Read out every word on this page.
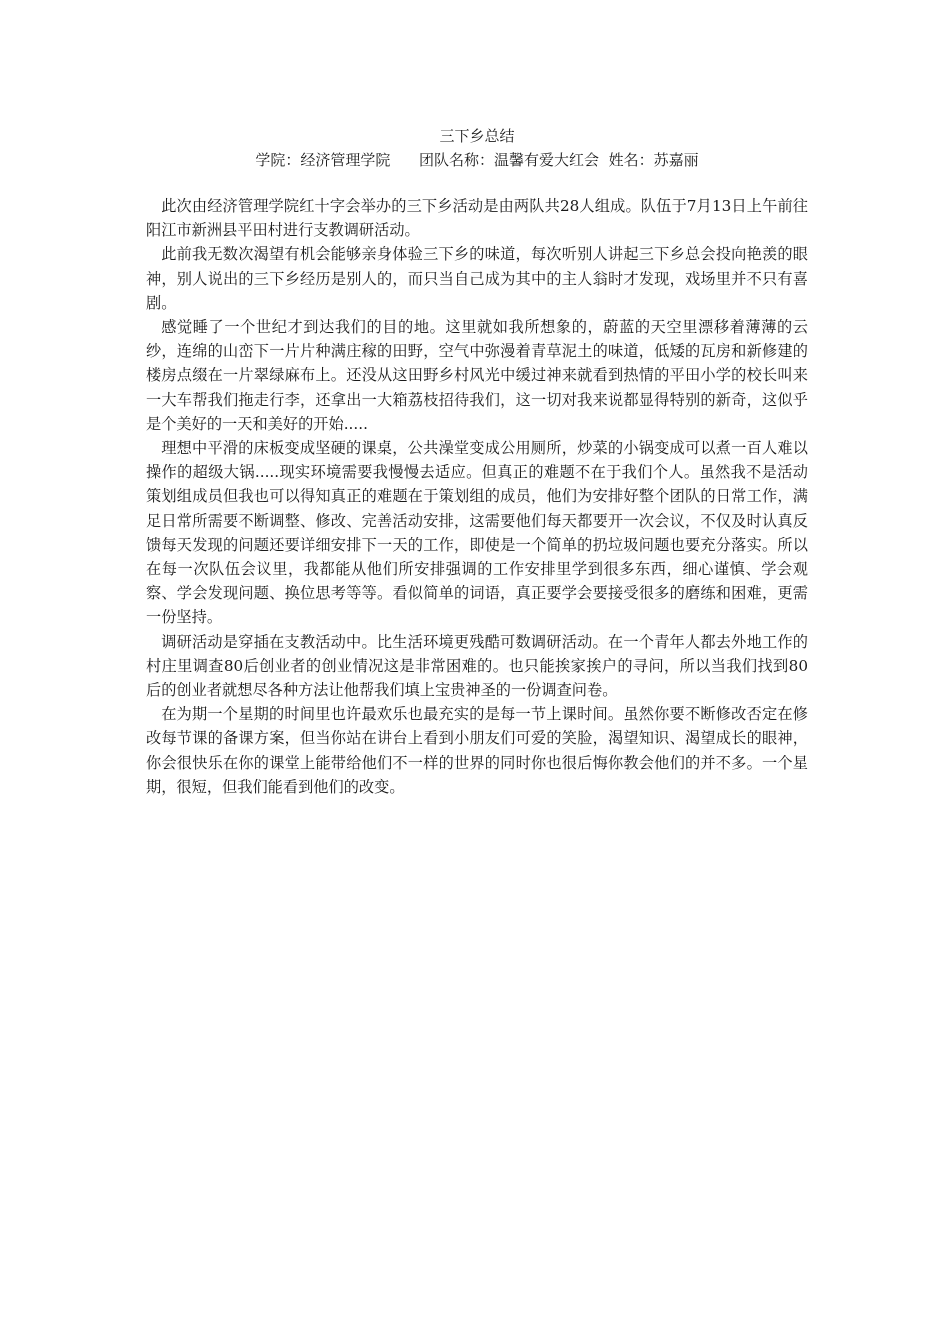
三下乡总结

学院：经济管理学院      团队名称：温馨有爱大红会  姓名：苏嘉丽

此次由经济管理学院红十字会举办的三下乡活动是由两队共28人组成。队伍于7月13日上午前往阳江市新洲县平田村进行支教调研活动。

此前我无数次渴望有机会能够亲身体验三下乡的味道，每次听别人讲起三下乡总会投向艳羡的眼神，别人说出的三下乡经历是别人的，而只当自己成为其中的主人翁时才发现，戏场里并不只有喜剧。

感觉睡了一个世纪才到达我们的目的地。这里就如我所想象的，蔚蓝的天空里漂移着薄薄的云纱，连绵的山峦下一片片种满庄稼的田野，空气中弥漫着青草泥土的味道，低矮的瓦房和新修建的楼房点缀在一片翠绿麻布上。还没从这田野乡村风光中缓过神来就看到热情的平田小学的校长叫来一大车帮我们拖走行李，还拿出一大箱荔枝招待我们，这一切对我来说都显得特别的新奇，这似乎是个美好的一天和美好的开始.....

理想中平滑的床板变成坚硬的课桌，公共澡堂变成公用厕所，炒菜的小锅变成可以煮一百人难以操作的超级大锅.....现实环境需要我慢慢去适应。但真正的难题不在于我们个人。虽然我不是活动策划组成员但我也可以得知真正的难题在于策划组的成员，他们为安排好整个团队的日常工作，满足日常所需要不断调整、修改、完善活动安排，这需要他们每天都要开一次会议，不仅及时认真反馈每天发现的问题还要详细安排下一天的工作，即使是一个简单的扔垃圾问题也要充分落实。所以在每一次队伍会议里，我都能从他们所安排强调的工作安排里学到很多东西，细心谨慎、学会观察、学会发现问题、换位思考等等。看似简单的词语，真正要学会要接受很多的磨练和困难，更需一份坚持。

调研活动是穿插在支教活动中。比生活环境更残酷可数调研活动。在一个青年人都去外地工作的村庄里调查80后创业者的创业情况这是非常困难的。也只能挨家挨户的寻问，所以当我们找到80后的创业者就想尽各种方法让他帮我们填上宝贵神圣的一份调查问卷。

在为期一个星期的时间里也许最欢乐也最充实的是每一节上课时间。虽然你要不断修改否定在修改每节课的备课方案，但当你站在讲台上看到小朋友们可爱的笑脸，渴望知识、渴望成长的眼神，你会很快乐在你的课堂上能带给他们不一样的世界的同时你也很后悔你教会他们的并不多。一个星期，很短，但我们能看到他们的改变。
